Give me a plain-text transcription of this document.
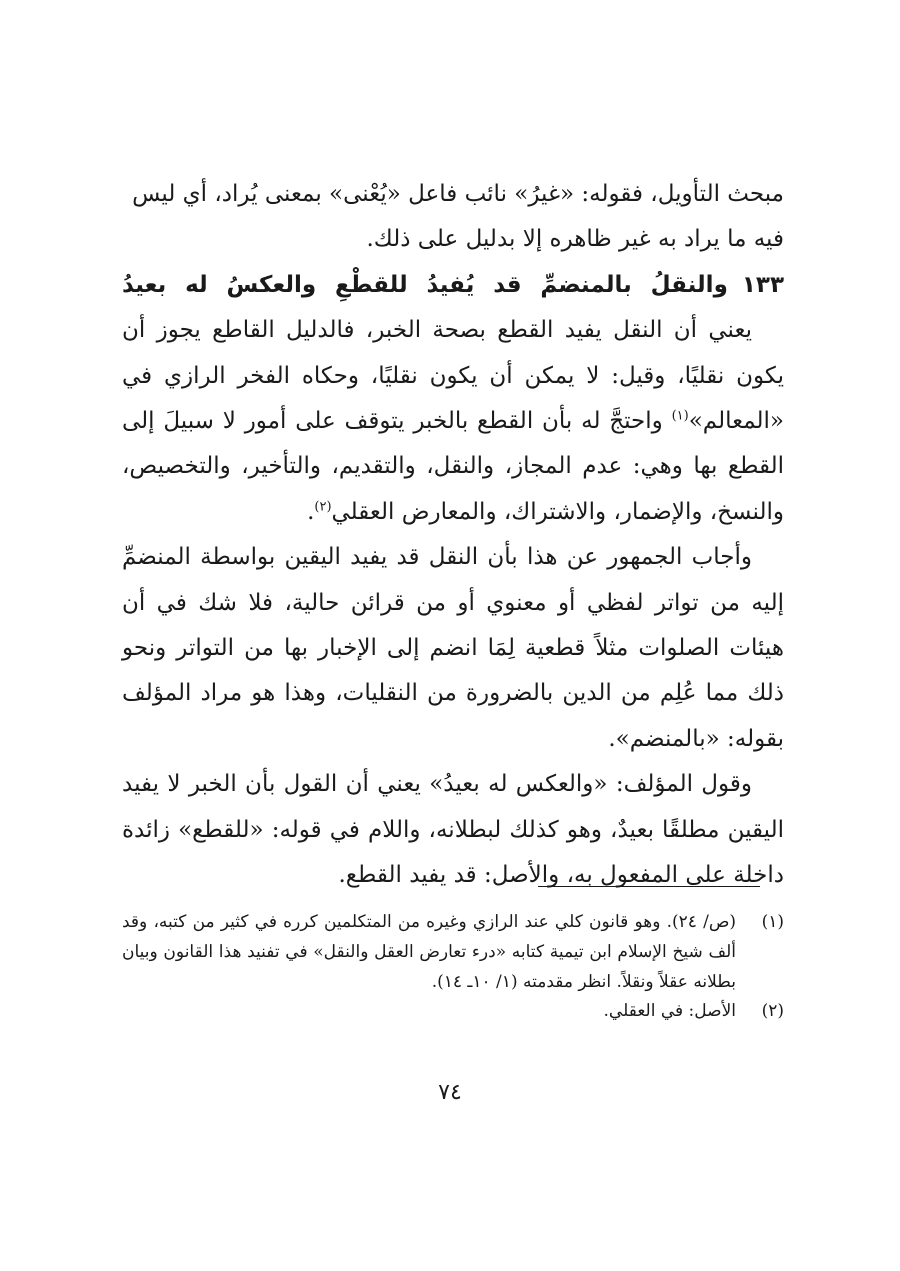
مبحث التأويل، فقوله: «غيرُ» نائب فاعل «يُعْنى» بمعنى يُراد، أي ليس

فيه ما يراد به غير ظاهره إلا بدليل على ذلك.

١٣٣والنقلُ بالمنضمِّ قد يُفيدُ للقطْعِ والعكسُ له بعيدُ

يعني أن النقل يفيد القطع بصحة الخبر، فالدليل القاطع يجوز أن يكون نقليًا، وقيل: لا يمكن أن يكون نقليًا، وحكاه الفخر الرازي في «المعالم»$^{(١)}$ واحتجَّ له بأن القطع بالخبر يتوقف على أمور لا سبيلَ إلى القطع بها وهي: عدم المجاز، والنقل، والتقديم، والتأخير، والتخصيص، والنسخ، والإضمار، والاشتراك، والمعارض العقلي$^{(٢)}$.

وأجاب الجمهور عن هذا بأن النقل قد يفيد اليقين بواسطة المنضمِّ إليه من تواتر لفظي أو معنوي أو من قرائن حالية، فلا شك في أن هيئات الصلوات مثلاً قطعية لِمَا انضم إلى الإخبار بها من التواتر ونحو ذلك مما عُلِم من الدين بالضرورة من النقليات، وهذا هو مراد المؤلف بقوله: «بالمنضم».

وقول المؤلف: «والعكس له بعيدُ» يعني أن القول بأن الخبر لا يفيد اليقين مطلقًا بعيدٌ، وهو كذلك لبطلانه، واللام في قوله: «للقطع» زائدة داخلة على المفعول به، والأصل: قد يفيد القطع.

(١)
(ص/ ٢٤). وهو قانون كلي عند الرازي وغيره من المتكلمين كرره في كثير من كتبه، وقد ألف شيخ الإسلام ابن تيمية كتابه «درء تعارض العقل والنقل» في تفنيد هذا القانون وبيان بطلانه عقلاً ونقلاً. انظر مقدمته (١/ ١٠ـ ١٤).
(٢)
الأصل: في العقلي.
٧٤
